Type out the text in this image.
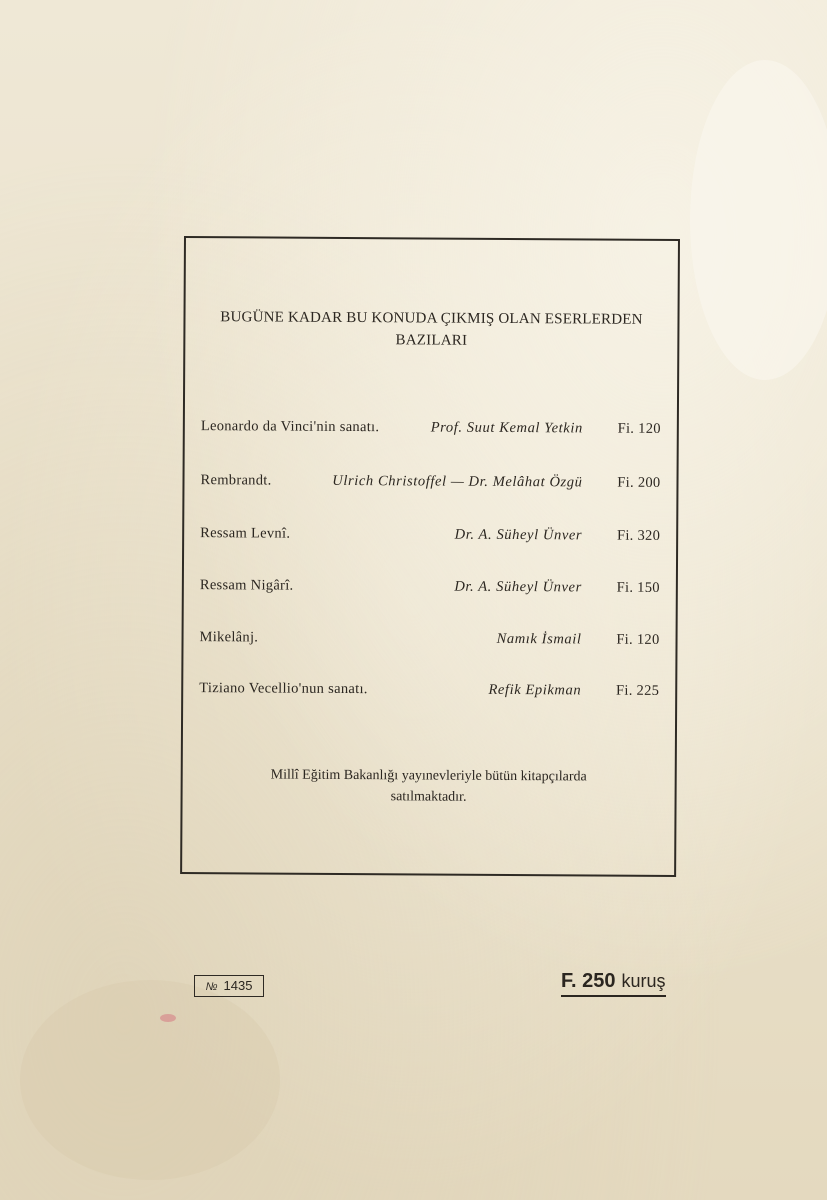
BUGÜNE KADAR BU KONUDA ÇIKMIŞ OLAN ESERLERDEN
BAZILARI
Leonardo da Vinci'nin sanatı.	Prof. Suut Kemal Yetkin Fi. 120
Rembrandt.	Ulrich Christoffel — Dr. Melâhat Özgü Fi. 200
Ressam Levnî.	Dr. A. Süheyl Ünver Fi. 320
Ressam Nigârî.	Dr. A. Süheyl Ünver Fi. 150
Mikelânj.	Namık İsmail Fi. 120
Tiziano Vecellio'nun sanatı.	Refik Epikman Fi. 225
Millî Eğitim Bakanlığı yayınevleriyle bütün kitapçılarda
satılmaktadır.
№ 1435	F. 250 kuruş
